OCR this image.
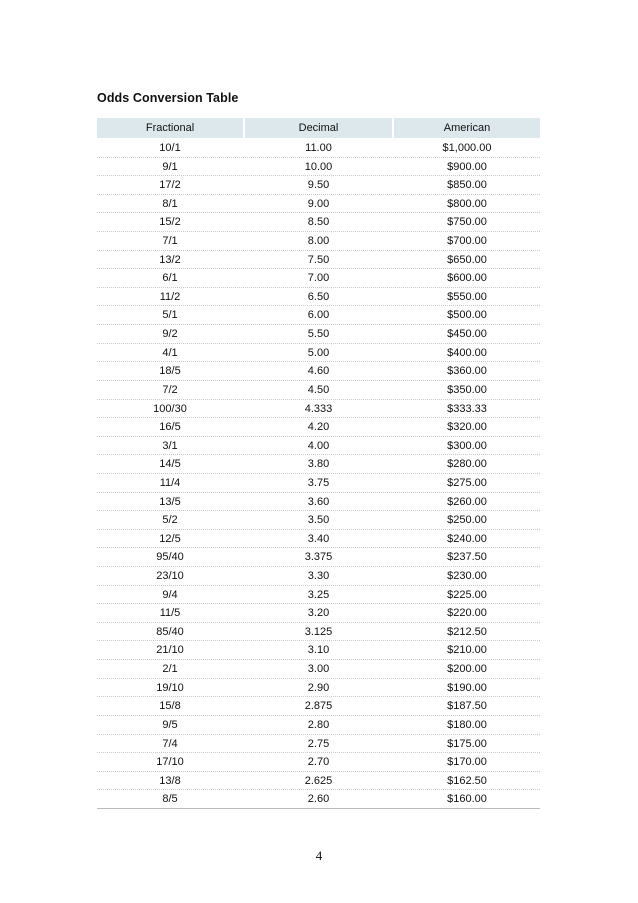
Odds Conversion Table
Fractional	Decimal	American
10/1	11.00	$1,000.00
9/1	10.00	$900.00
17/2	9.50	$850.00
8/1	9.00	$800.00
15/2	8.50	$750.00
7/1	8.00	$700.00
13/2	7.50	$650.00
6/1	7.00	$600.00
11/2	6.50	$550.00
5/1	6.00	$500.00
9/2	5.50	$450.00
4/1	5.00	$400.00
18/5	4.60	$360.00
7/2	4.50	$350.00
100/30	4.333	$333.33
16/5	4.20	$320.00
3/1	4.00	$300.00
14/5	3.80	$280.00
11/4	3.75	$275.00
13/5	3.60	$260.00
5/2	3.50	$250.00
12/5	3.40	$240.00
95/40	3.375	$237.50
23/10	3.30	$230.00
9/4	3.25	$225.00
11/5	3.20	$220.00
85/40	3.125	$212.50
21/10	3.10	$210.00
2/1	3.00	$200.00
19/10	2.90	$190.00
15/8	2.875	$187.50
9/5	2.80	$180.00
7/4	2.75	$175.00
17/10	2.70	$170.00
13/8	2.625	$162.50
8/5	2.60	$160.00
4
